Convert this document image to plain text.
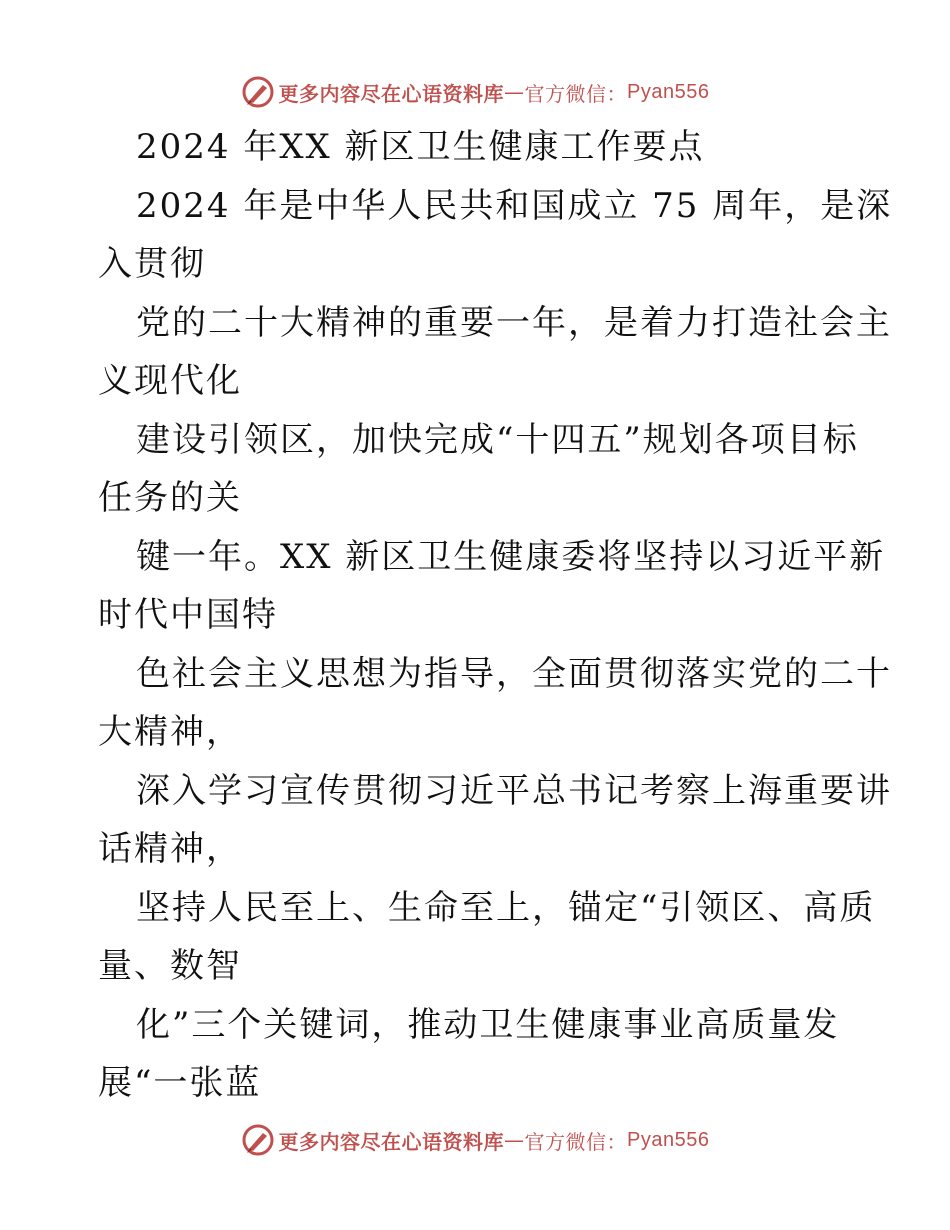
更多内容尽在心语资料库 — 官方微信： Pyan556
2024 年XX 新区卫生健康工作要点
2024 年是中华人民共和国成立 75 周年，是深
入贯彻
党的二十大精神的重要一年，是着力打造社会主
义现代化
建设引领区，加快完成“十四五”规划各项目标
任务的关
键一年。XX 新区卫生健康委将坚持以习近平新
时代中国特
色社会主义思想为指导，全面贯彻落实党的二十
大精神，
深入学习宣传贯彻习近平总书记考察上海重要讲
话精神，
坚持人民至上、生命至上，锚定“引领区、高质
量、数智
化”三个关键词，推动卫生健康事业高质量发
展“一张蓝
更多内容尽在心语资料库 — 官方微信： Pyan556
